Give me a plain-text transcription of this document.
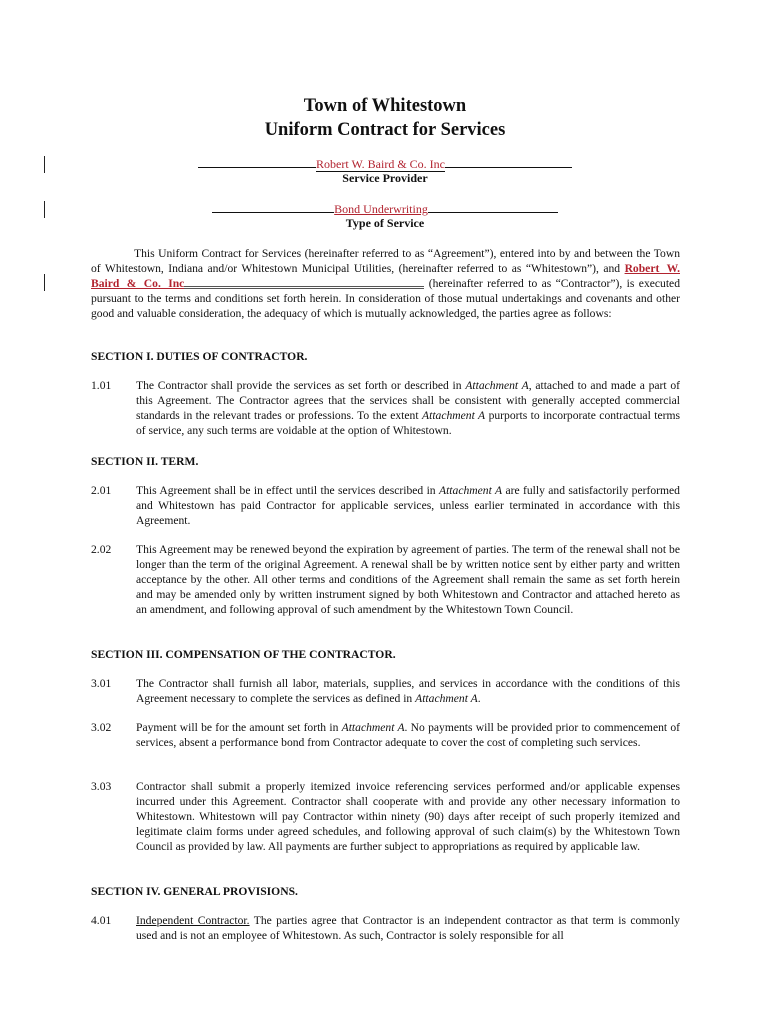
Town of Whitestown
Uniform Contract for Services
Robert W. Baird & Co. Inc
Service Provider
Bond Underwriting
Type of Service
This Uniform Contract for Services (hereinafter referred to as “Agreement”), entered into by and between the Town of Whitestown, Indiana and/or Whitestown Municipal Utilities, (hereinafter referred to as “Whitestown”), and Robert W. Baird & Co. Inc	(hereinafter referred to as “Contractor”), is executed pursuant to the terms and conditions set forth herein. In consideration of those mutual undertakings and covenants and other good and valuable consideration, the adequacy of which is mutually acknowledged, the parties agree as follows:
SECTION I. DUTIES OF CONTRACTOR.
1.01	The Contractor shall provide the services as set forth or described in Attachment A, attached to and made a part of this Agreement. The Contractor agrees that the services shall be consistent with generally accepted commercial standards in the relevant trades or professions. To the extent Attachment A purports to incorporate contractual terms of service, any such terms are voidable at the option of Whitestown.
SECTION II. TERM.
2.01	This Agreement shall be in effect until the services described in Attachment A are fully and satisfactorily performed and Whitestown has paid Contractor for applicable services, unless earlier terminated in accordance with this Agreement.
2.02	This Agreement may be renewed beyond the expiration by agreement of parties. The term of the renewal shall not be longer than the term of the original Agreement. A renewal shall be by written notice sent by either party and written acceptance by the other. All other terms and conditions of the Agreement shall remain the same as set forth herein and may be amended only by written instrument signed by both Whitestown and Contractor and attached hereto as an amendment, and following approval of such amendment by the Whitestown Town Council.
SECTION III. COMPENSATION OF THE CONTRACTOR.
3.01	The Contractor shall furnish all labor, materials, supplies, and services in accordance with the conditions of this Agreement necessary to complete the services as defined in Attachment A.
3.02	Payment will be for the amount set forth in Attachment A. No payments will be provided prior to commencement of services, absent a performance bond from Contractor adequate to cover the cost of completing such services.
3.03	Contractor shall submit a properly itemized invoice referencing services performed and/or applicable expenses incurred under this Agreement. Contractor shall cooperate with and provide any other necessary information to Whitestown. Whitestown will pay Contractor within ninety (90) days after receipt of such properly itemized and legitimate claim forms under agreed schedules, and following approval of such claim(s) by the Whitestown Town Council as provided by law. All payments are further subject to appropriations as required by applicable law.
SECTION IV. GENERAL PROVISIONS.
4.01	Independent Contractor. The parties agree that Contractor is an independent contractor as that term is commonly used and is not an employee of Whitestown. As such, Contractor is solely responsible for all
